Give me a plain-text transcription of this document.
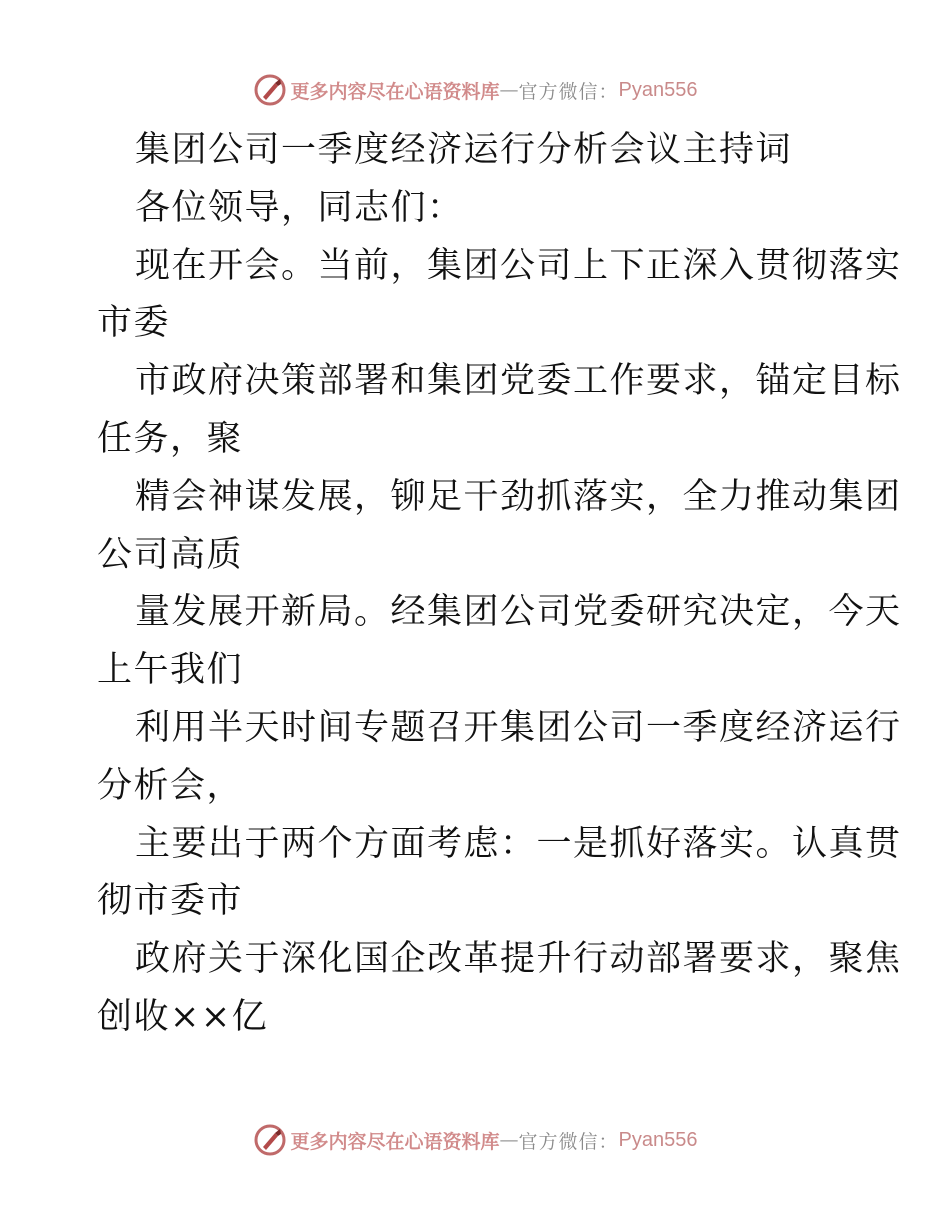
更多内容尽在心语资料库 — 官方微信： Pyan556
集团公司一季度经济运行分析会议主持词
各位领导，同志们：
现在开会。当前，集团公司上下正深入贯彻落实
市委
市政府决策部署和集团党委工作要求，锚定目标
任务，聚
精会神谋发展，铆足干劲抓落实，全力推动集团
公司高质
量发展开新局。经集团公司党委研究决定，今天
上午我们
利用半天时间专题召开集团公司一季度经济运行
分析会，
主要出于两个方面考虑：一是抓好落实。认真贯
彻市委市
政府关于深化国企改革提升行动部署要求，聚焦
创收××亿
更多内容尽在心语资料库 — 官方微信： Pyan556
